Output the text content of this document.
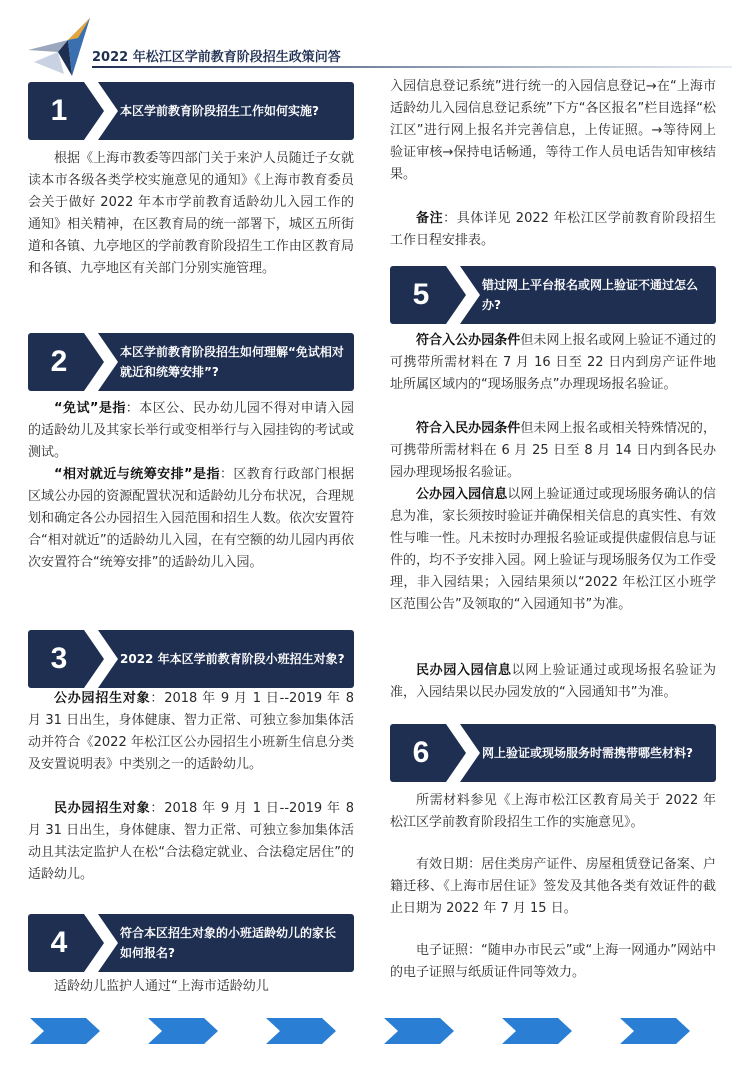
2022 年松江区学前教育阶段招生政策问答
1	本区学前教育阶段招生工作如何实施?
根据《上海市教委等四部门关于来沪人员随迁子女就读本市各级各类学校实施意见的通知》《上海市教育委员会关于做好 2022 年本市学前教育适龄幼儿入园工作的通知》相关精神，在区教育局的统一部署下，城区五所街道和各镇、九亭地区的学前教育阶段招生工作由区教育局和各镇、九亭地区有关部门分别实施管理。
2	本区学前教育阶段招生如何理解“免试相对就近和统筹安排”?
“免试”是指：本区公、民办幼儿园不得对申请入园的适龄幼儿及其家长举行或变相举行与入园挂钩的考试或测试。
“相对就近与统筹安排”是指：区教育行政部门根据区域公办园的资源配置状况和适龄幼儿分布状况，合理规划和确定各公办园招生入园范围和招生人数。依次安置符合“相对就近”的适龄幼儿入园，在有空额的幼儿园内再依次安置符合“统筹安排”的适龄幼儿入园。
3	2022 年本区学前教育阶段小班招生对象?
公办园招生对象：2018 年 9 月 1 日--2019 年 8 月 31 日出生，身体健康、智力正常、可独立参加集体活动并符合《2022 年松江区公办园招生小班新生信息分类及安置说明表》中类别之一的适龄幼儿。
民办园招生对象：2018 年 9 月 1 日--2019 年 8 月 31 日出生，身体健康、智力正常、可独立参加集体活动且其法定监护人在松“合法稳定就业、合法稳定居住”的适龄幼儿。
4	符合本区招生对象的小班适龄幼儿的家长如何报名?
适龄幼儿监护人通过“上海市适龄幼儿
入园信息登记系统”进行统一的入园信息登记→在“上海市适龄幼儿入园信息登记系统”下方“各区报名”栏目选择“松江区”进行网上报名并完善信息，上传证照。→等待网上验证审核→保持电话畅通，等待工作人员电话告知审核结果。
备注：具体详见 2022 年松江区学前教育阶段招生工作日程安排表。
5	错过网上平台报名或网上验证不通过怎么办?
符合入公办园条件但未网上报名或网上验证不通过的可携带所需材料在 7 月 16 日至 22 日内到房产证件地址所属区域内的“现场服务点”办理现场报名验证。
符合入民办园条件但未网上报名或相关特殊情况的，可携带所需材料在 6 月 25 日至 8 月 14 日内到各民办园办理现场报名验证。
公办园入园信息以网上验证通过或现场服务确认的信息为准，家长须按时验证并确保相关信息的真实性、有效性与唯一性。凡未按时办理报名验证或提供虚假信息与证件的，均不予安排入园。网上验证与现场服务仅为工作受理，非入园结果；入园结果须以“2022 年松江区小班学区范围公告”及领取的“入园通知书”为准。
民办园入园信息以网上验证通过或现场报名验证为准，入园结果以民办园发放的“入园通知书”为准。
6	网上验证或现场服务时需携带哪些材料?
所需材料参见《上海市松江区教育局关于 2022 年松江区学前教育阶段招生工作的实施意见》。
有效日期：居住类房产证件、房屋租赁登记备案、户籍迁移、《上海市居住证》签发及其他各类有效证件的截止日期为 2022 年 7 月 15 日。
电子证照：“随申办市民云”或“上海一网通办”网站中的电子证照与纸质证件同等效力。
